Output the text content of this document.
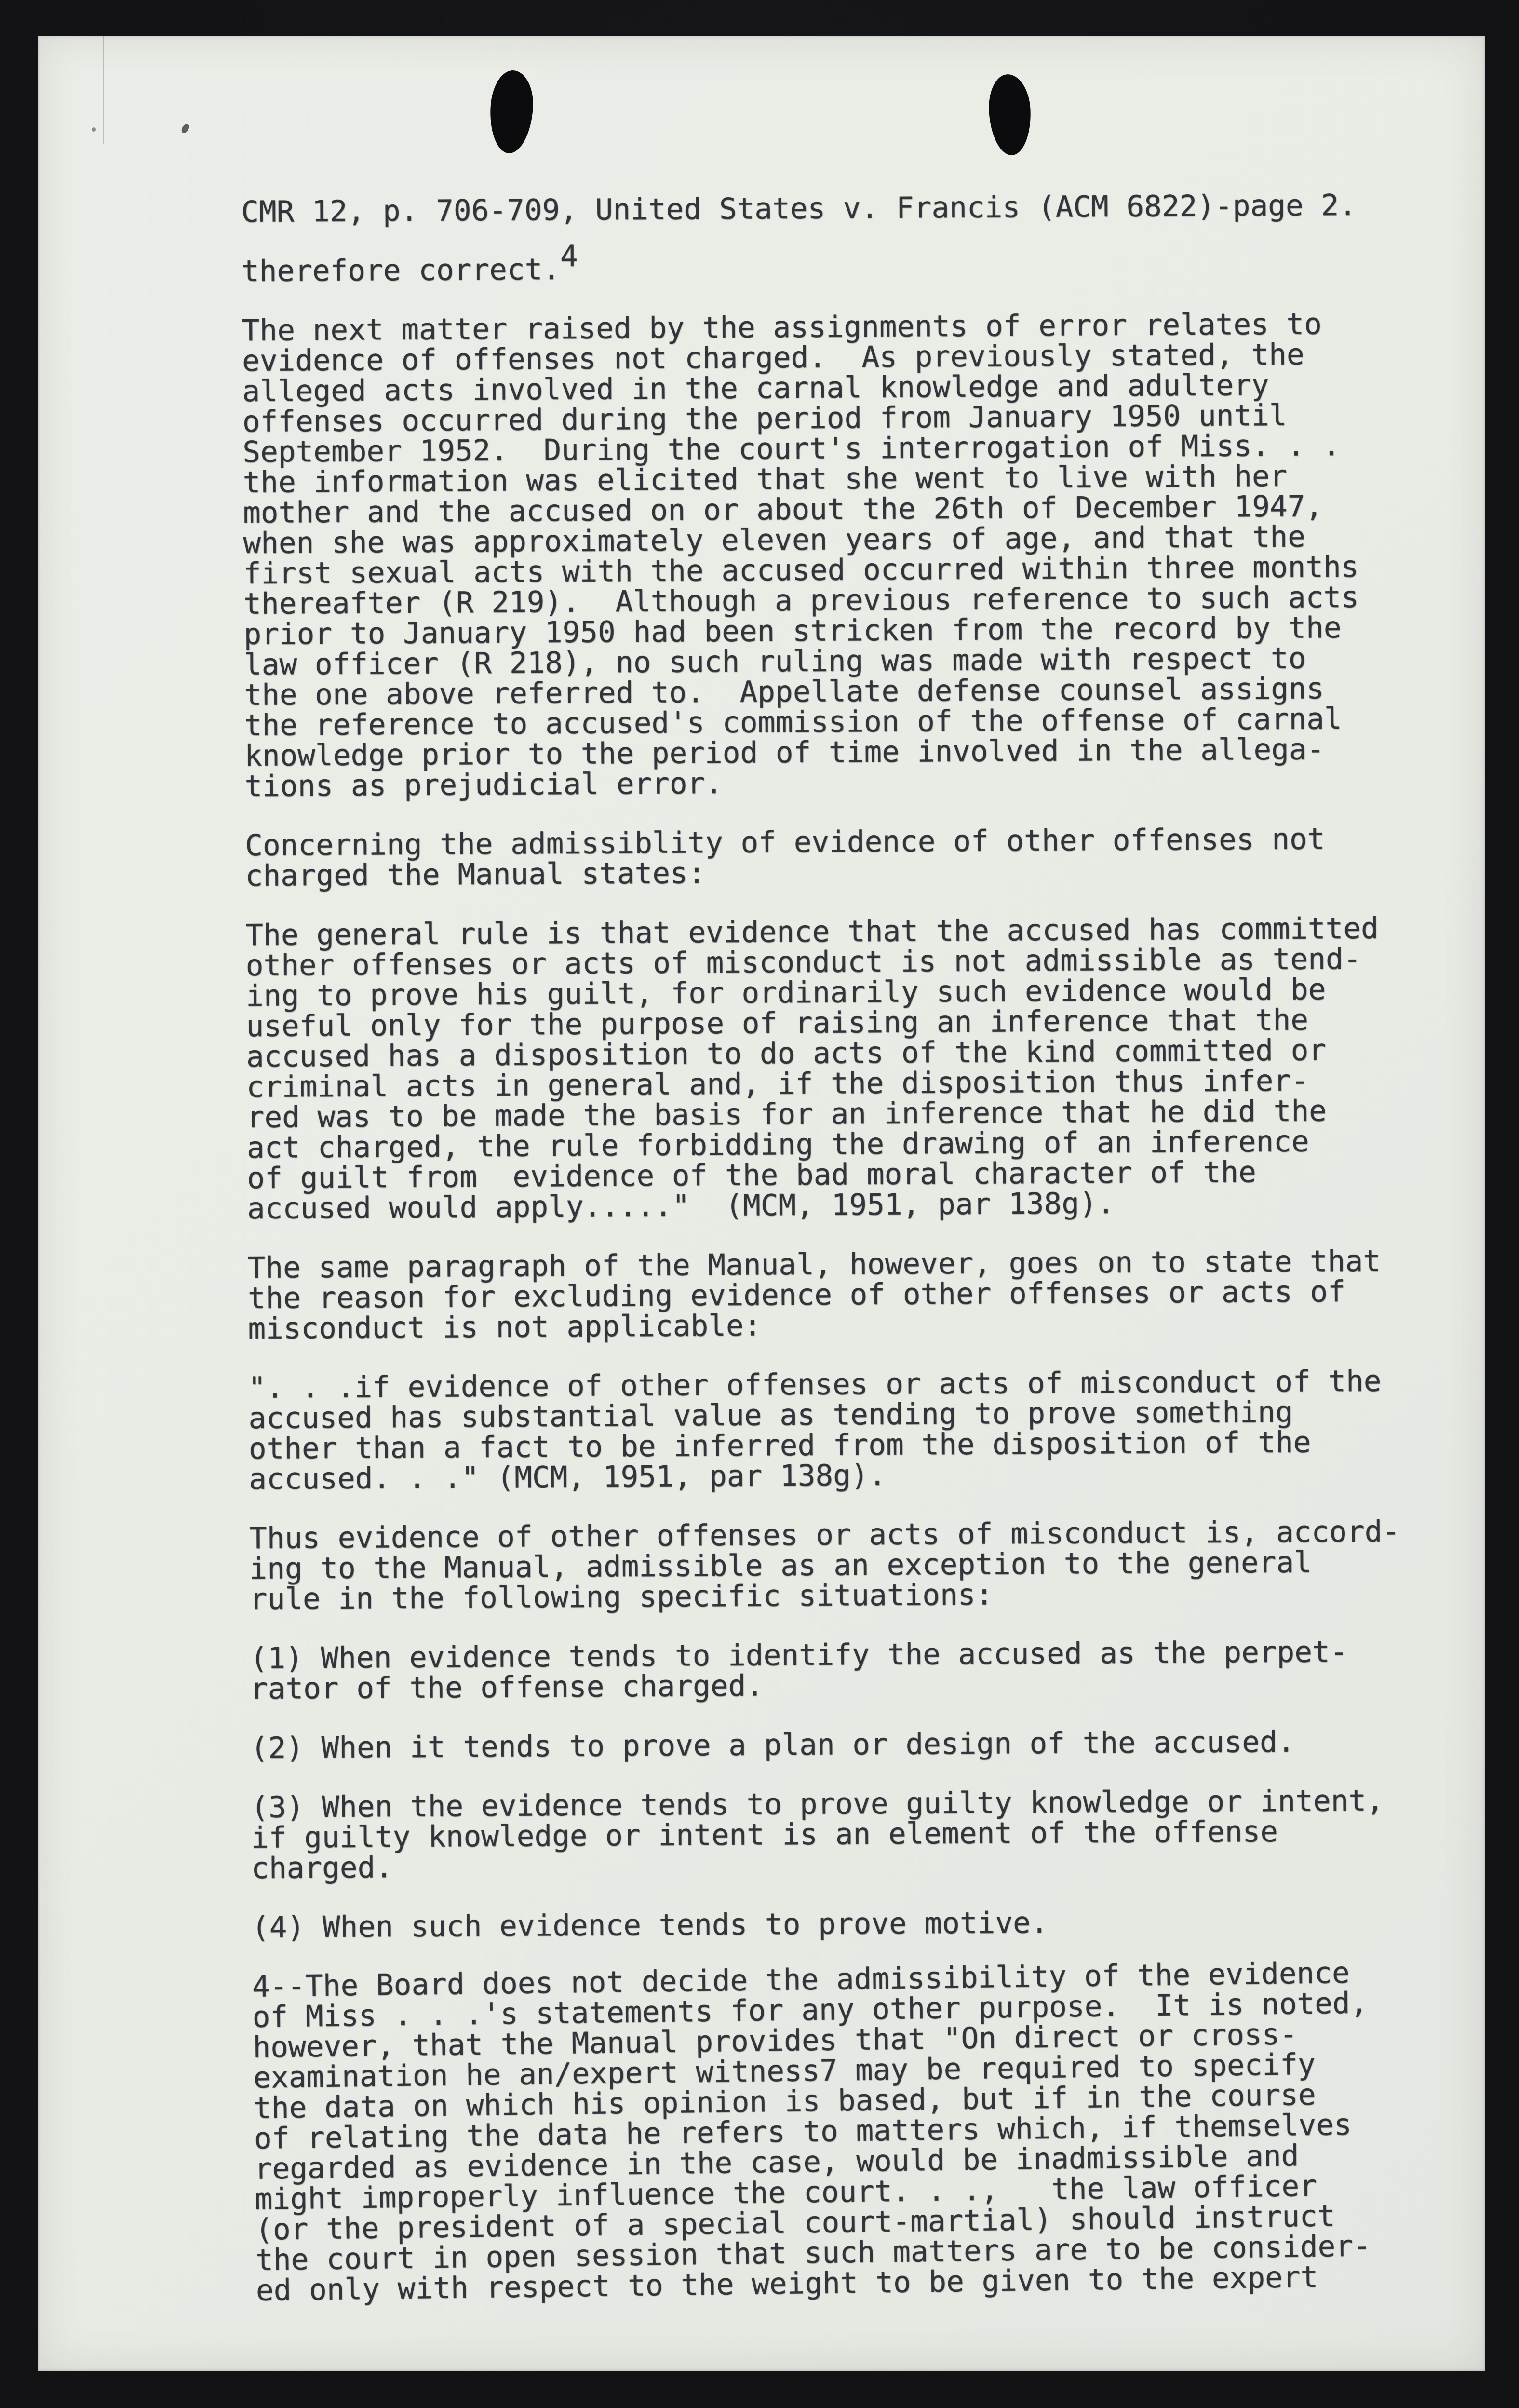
CMR 12, p. 706-709, United States v. Francis (ACM 6822)-page 2.
therefore correct.4
The next matter raised by the assignments of error relates to
evidence of offenses not charged.  As previously stated, the
alleged acts involved in the carnal knowledge and adultery
offenses occurred during the period from January 1950 until
September 1952.  During the court's interrogation of Miss. . .
the information was elicited that she went to live with her
mother and the accused on or about the 26th of December 1947,
when she was approximately eleven years of age, and that the
first sexual acts with the accused occurred within three months
thereafter (R 219).  Although a previous reference to such acts
prior to January 1950 had been stricken from the record by the
law officer (R 218), no such ruling was made with respect to
the one above referred to.  Appellate defense counsel assigns
the reference to accused's commission of the offense of carnal
knowledge prior to the period of time involved in the allega-
tions as prejudicial error.
Concerning the admissiblity of evidence of other offenses not
charged the Manual states:
The general rule is that evidence that the accused has committed
other offenses or acts of misconduct is not admissible as tend-
ing to prove his guilt, for ordinarily such evidence would be
useful only for the purpose of raising an inference that the
accused has a disposition to do acts of the kind committed or
criminal acts in general and, if the disposition thus infer-
red was to be made the basis for an inference that he did the
act charged, the rule forbidding the drawing of an inference
of guilt from  evidence of the bad moral character of the
accused would apply....."  (MCM, 1951, par 138g).
The same paragraph of the Manual, however, goes on to state that
the reason for excluding evidence of other offenses or acts of
misconduct is not applicable:
". . .if evidence of other offenses or acts of misconduct of the
accused has substantial value as tending to prove something
other than a fact to be inferred from the disposition of the
accused. . ." (MCM, 1951, par 138g).
Thus evidence of other offenses or acts of misconduct is, accord-
ing to the Manual, admissible as an exception to the general
rule in the following specific situations:
(1) When evidence tends to identify the accused as the perpet-
rator of the offense charged.
(2) When it tends to prove a plan or design of the accused.
(3) When the evidence tends to prove guilty knowledge or intent,
if guilty knowledge or intent is an element of the offense
charged.
(4) When such evidence tends to prove motive.
4--The Board does not decide the admissibility of the evidence
of Miss . . .'s statements for any other purpose.  It is noted,
however, that the Manual provides that "On direct or cross-
examination he an/expert witness7 may be required to specify
the data on which his opinion is based, but if in the course
of relating the data he refers to matters which, if themselves
regarded as evidence in the case, would be inadmissible and
might improperly influence the court. . .,   the law officer
(or the president of a special court-martial) should instruct
the court in open session that such matters are to be consider-
ed only with respect to the weight to be given to the expert
